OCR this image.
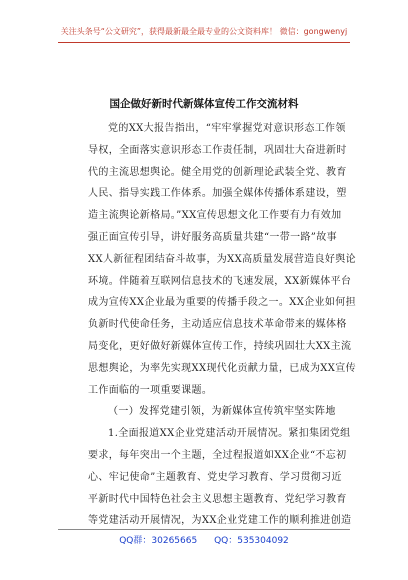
关注头条号“公文研究”，获得最新最全最专业的公文资料库！ 微信：gongwenyj
国企做好新时代新媒体宣传工作交流材料
党的XX大报告指出，“牢牢掌握党对意识形态工作领
导权，全面落实意识形态工作责任制，巩固壮大奋进新时
代的主流思想舆论。健全用党的创新理论武装全党、教育
人民、指导实践工作体系。加强全媒体传播体系建设，塑
造主流舆论新格局。”XX宣传思想文化工作要有力有效加
强正面宣传引导，讲好服务高质量共建“一带一路”故事
XX人新征程团结奋斗故事，为XX高质量发展营造良好舆论
环境。伴随着互联网信息技术的飞速发展，XX新媒体平台
成为宣传XX企业最为重要的传播手段之一。XX企业如何担
负新时代使命任务，主动适应信息技术革命带来的媒体格
局变化，更好做好新媒体宣传工作，持续巩固壮大XX主流
思想舆论，为率先实现XX现代化贡献力量，已成为XX宣传
工作面临的一项重要课题。
（一）发挥党建引领，为新媒体宣传筑牢坚实阵地
1.全面报道XX企业党建活动开展情况。紧扣集团党组
要求，每年突出一个主题，全过程报道如XX企业“不忘初
心、牢记使命”主题教育、党史学习教育、学习贯彻习近
平新时代中国特色社会主义思想主题教育、党纪学习教育
等党建活动开展情况，为XX企业党建工作的顺利推进创造
QQ群：30265665 QQ：535304092
